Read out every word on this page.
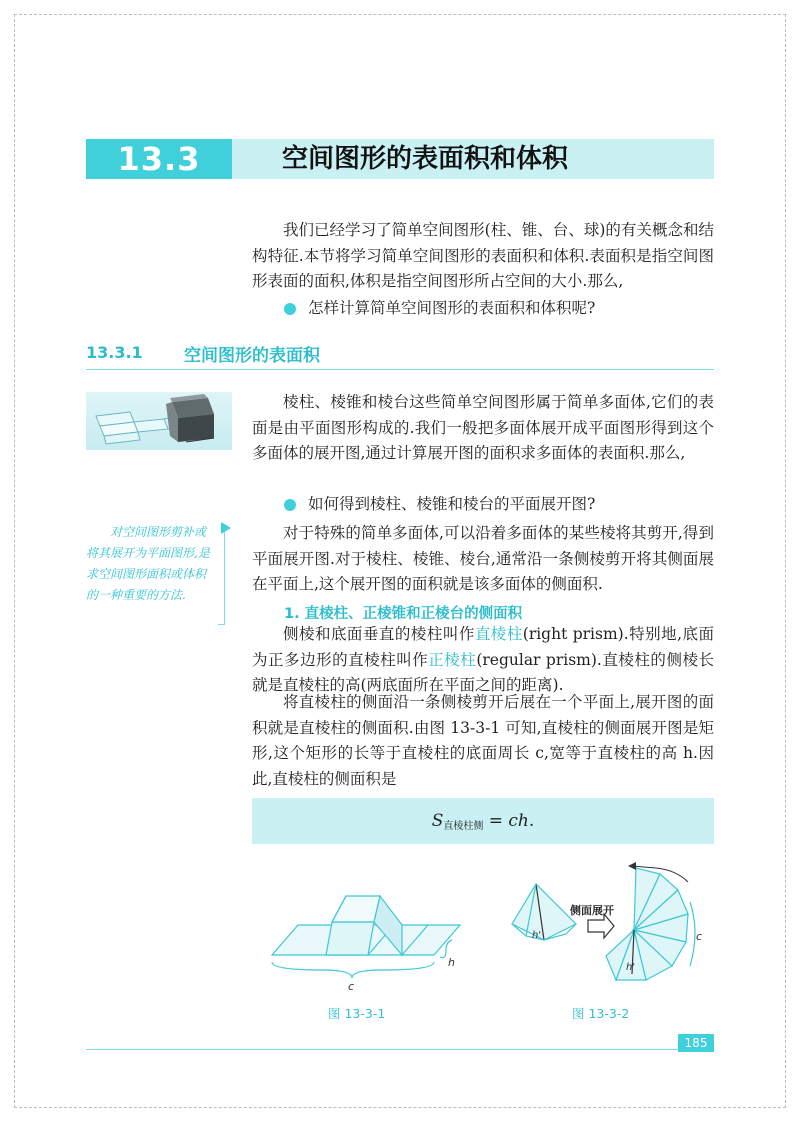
13.3	空间图形的表面积和体积

我们已经学习了简单空间图形(柱、锥、台、球)的有关概念和结构特征.本节将学习简单空间图形的表面积和体积.表面积是指空间图形表面的面积,体积是指空间图形所占空间的大小.那么,

怎样计算简单空间图形的表面积和体积呢?
13.3.1 空间图形的表面积

棱柱、棱锥和棱台这些简单空间图形属于简单多面体,它们的表面是由平面图形构成的.我们一般把多面体展开成平面图形得到这个多面体的展开图,通过计算展开图的面积求多面体的表面积.那么,

如何得到棱柱、棱锥和棱台的平面展开图?

对于特殊的简单多面体,可以沿着多面体的某些棱将其剪开,得到平面展开图.对于棱柱、棱锥、棱台,通常沿一条侧棱剪开将其侧面展在平面上,这个展开图的面积就是该多面体的侧面积.

对空间图形剪补或将其展开为平面图形,是求空间图形面积或体积的一种重要的方法.
1. 直棱柱、正棱锥和正棱台的侧面积

侧棱和底面垂直的棱柱叫作直棱柱(right prism).特别地,底面为正多边形的直棱柱叫作正棱柱(regular prism).直棱柱的侧棱长就是直棱柱的高(两底面所在平面之间的距离).

将直棱柱的侧面沿一条侧棱剪开后展在一个平面上,展开图的面积就是直棱柱的侧面积.由图 13-3-1 可知,直棱柱的侧面展开图是矩形,这个矩形的长等于直棱柱的底面周长 c,宽等于直棱柱的高 h.因此,直棱柱的侧面积是

$S_{直棱柱侧}$ = ch.
h
c
图 13-3-1
侧面展开
h'
h'
c
图 13-3-2
185
